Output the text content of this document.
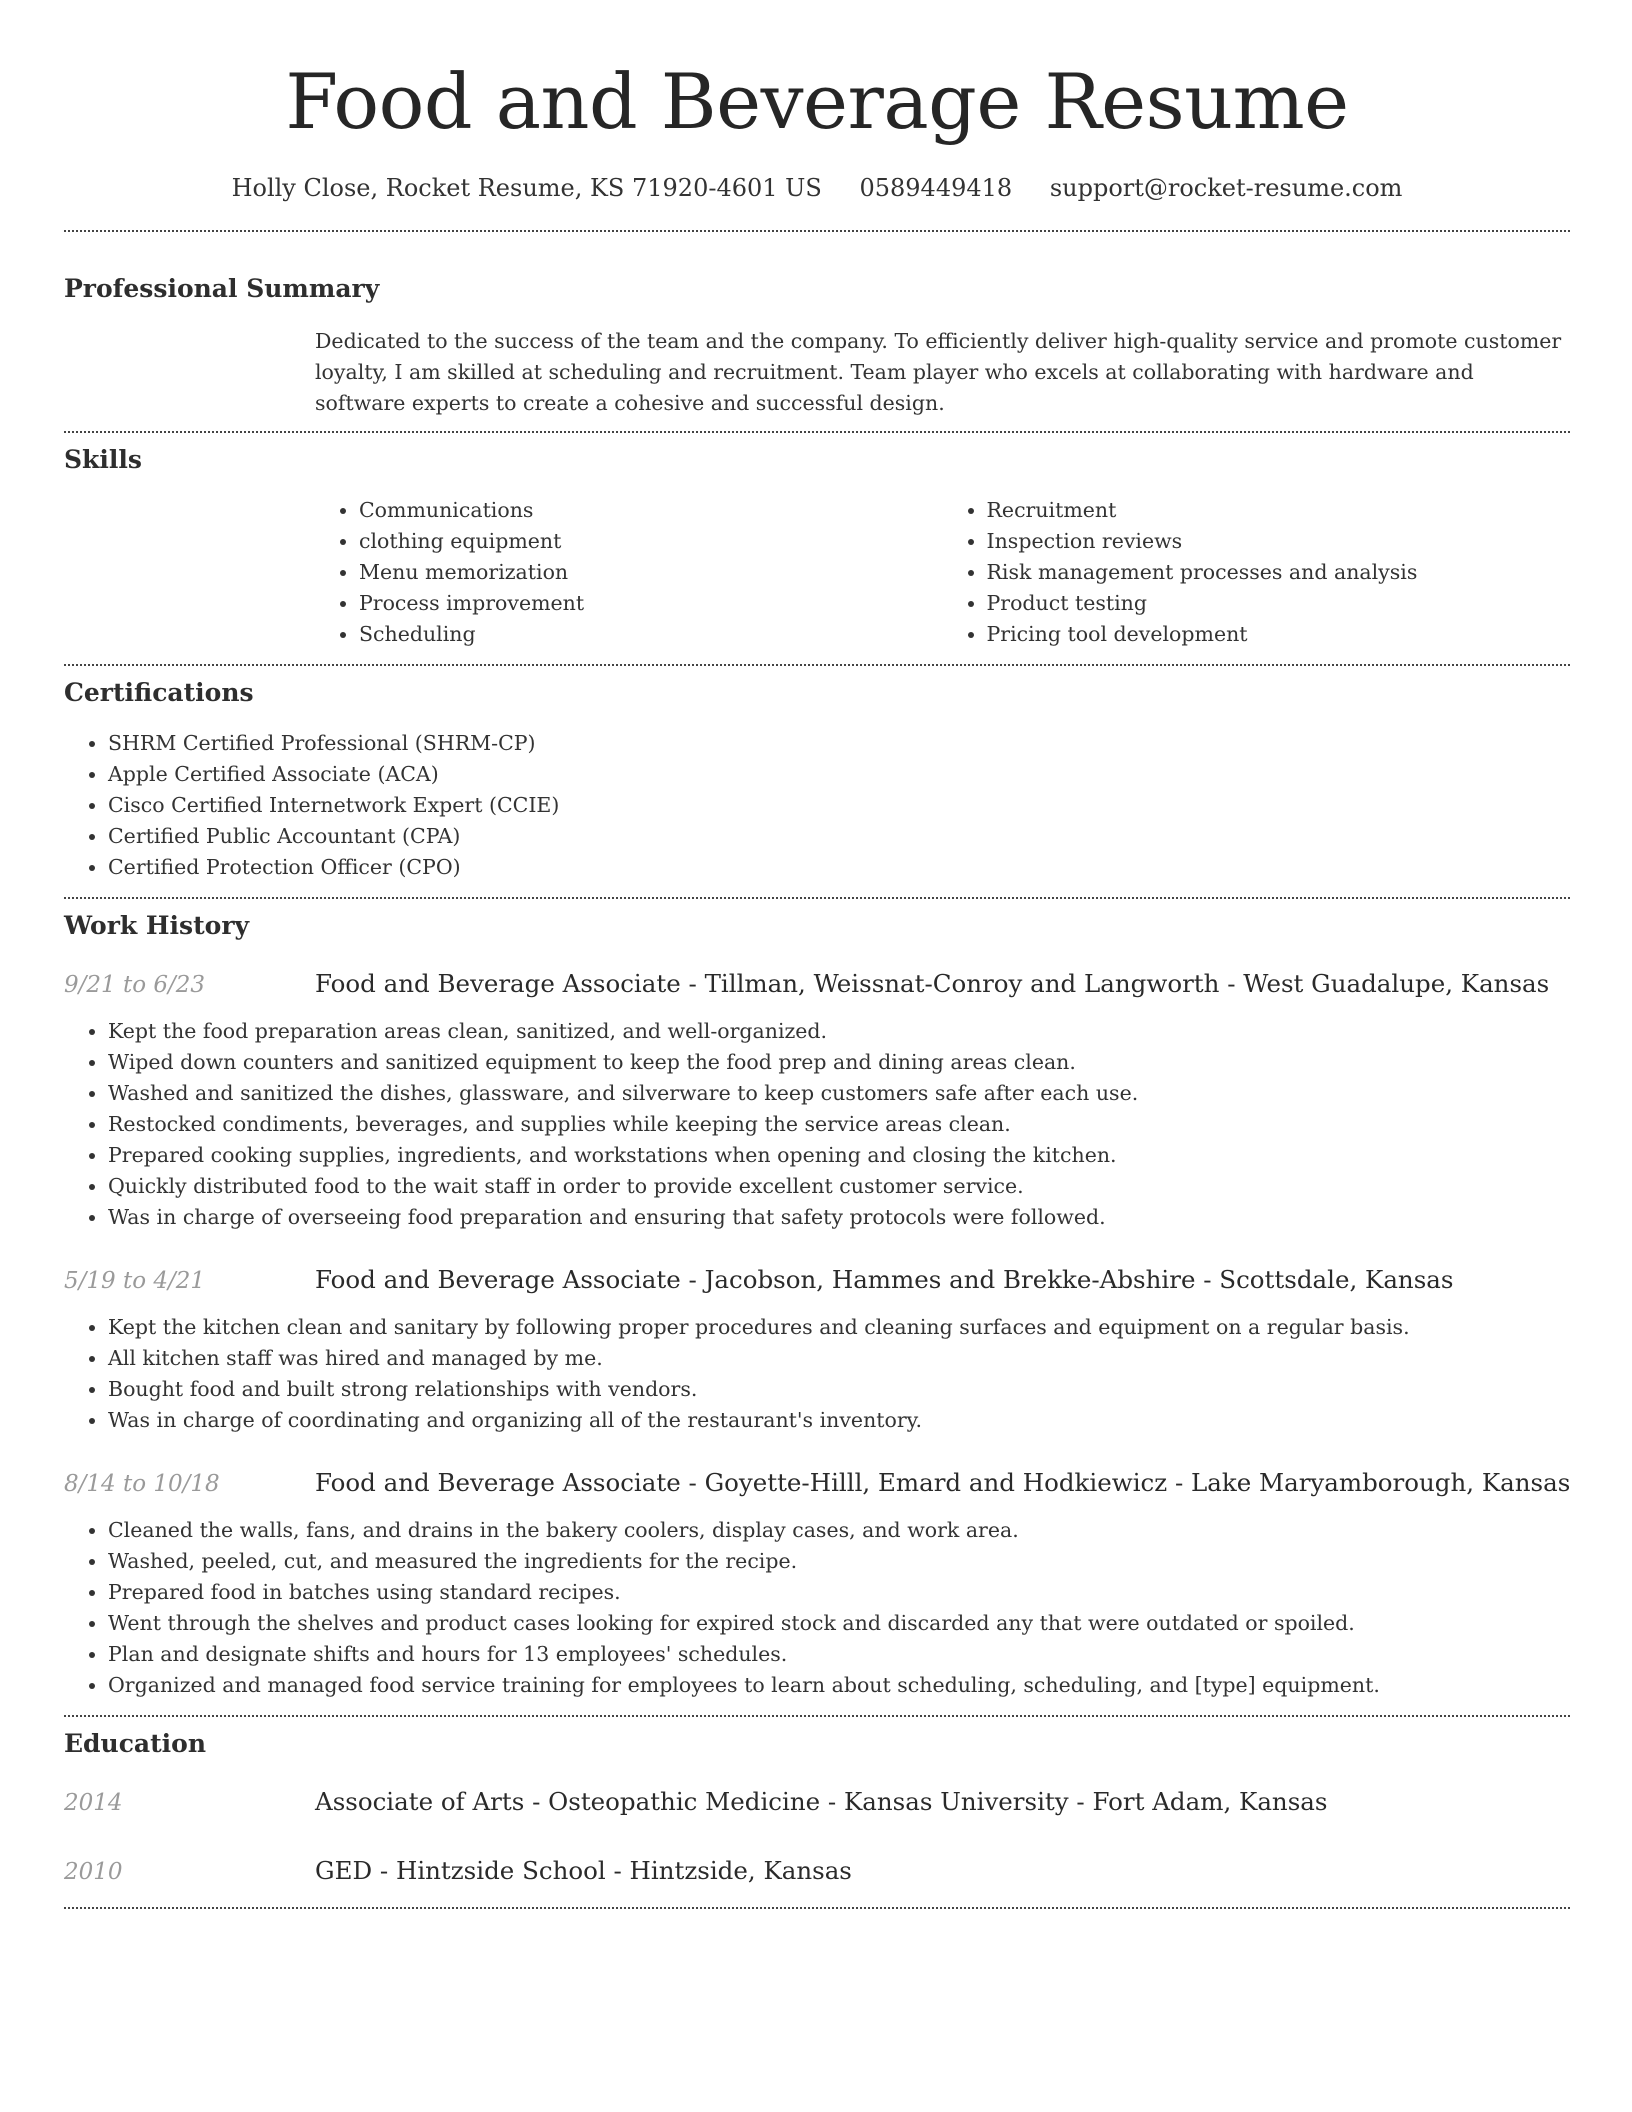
Food and Beverage Resume
Holly Close, Rocket Resume, KS 71920-4601 US 0589449418 support@rocket-resume.com
Professional Summary

Dedicated to the success of the team and the company. To efficiently deliver high-quality service and promote customer loyalty, I am skilled at scheduling and recruitment. Team player who excels at collaborating with hardware and software experts to create a cohesive and successful design.

Skills
• Communications
• clothing equipment
• Menu memorization
• Process improvement
• Scheduling
• Recruitment
• Inspection reviews
• Risk management processes and analysis
• Product testing
• Pricing tool development
Certifications
• SHRM Certified Professional (SHRM-CP)
• Apple Certified Associate (ACA)
• Cisco Certified Internetwork Expert (CCIE)
• Certified Public Accountant (CPA)
• Certified Protection Officer (CPO)
Work History
9/21 to 6/23	Food and Beverage Associate - Tillman, Weissnat-Conroy and Langworth - West Guadalupe, Kansas
• Kept the food preparation areas clean, sanitized, and well-organized.
• Wiped down counters and sanitized equipment to keep the food prep and dining areas clean.
• Washed and sanitized the dishes, glassware, and silverware to keep customers safe after each use.
• Restocked condiments, beverages, and supplies while keeping the service areas clean.
• Prepared cooking supplies, ingredients, and workstations when opening and closing the kitchen.
• Quickly distributed food to the wait staff in order to provide excellent customer service.
• Was in charge of overseeing food preparation and ensuring that safety protocols were followed.
5/19 to 4/21	Food and Beverage Associate - Jacobson, Hammes and Brekke-Abshire - Scottsdale, Kansas
• Kept the kitchen clean and sanitary by following proper procedures and cleaning surfaces and equipment on a regular basis.
• All kitchen staff was hired and managed by me.
• Bought food and built strong relationships with vendors.
• Was in charge of coordinating and organizing all of the restaurant's inventory.
8/14 to 10/18	Food and Beverage Associate - Goyette-Hilll, Emard and Hodkiewicz - Lake Maryamborough, Kansas
• Cleaned the walls, fans, and drains in the bakery coolers, display cases, and work area.
• Washed, peeled, cut, and measured the ingredients for the recipe.
• Prepared food in batches using standard recipes.
• Went through the shelves and product cases looking for expired stock and discarded any that were outdated or spoiled.
• Plan and designate shifts and hours for 13 employees' schedules.
• Organized and managed food service training for employees to learn about scheduling, scheduling, and [type] equipment.
Education
2014	Associate of Arts - Osteopathic Medicine - Kansas University - Fort Adam, Kansas
2010	GED - Hintzside School - Hintzside, Kansas
